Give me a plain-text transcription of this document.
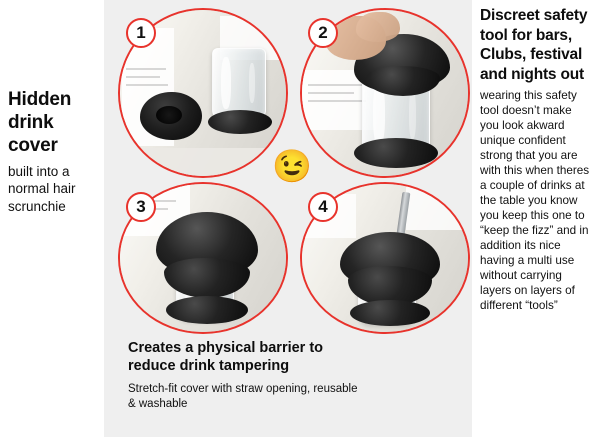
Hidden drink cover
built into a normal hair scrunchie
1	2
3	4
😉
Creates a physical barrier to reduce drink tampering
Stretch-fit cover with straw opening, reusable & washable
Discreet safety tool for bars, Clubs, festival and nights out
wearing this safety tool doesn’t make you look akward unique confident strong that you are with this when theres a couple of drinks at the table you know you keep this one to “keep the fizz” and in addition its nice having a multi use without carrying layers on layers of different “tools”
